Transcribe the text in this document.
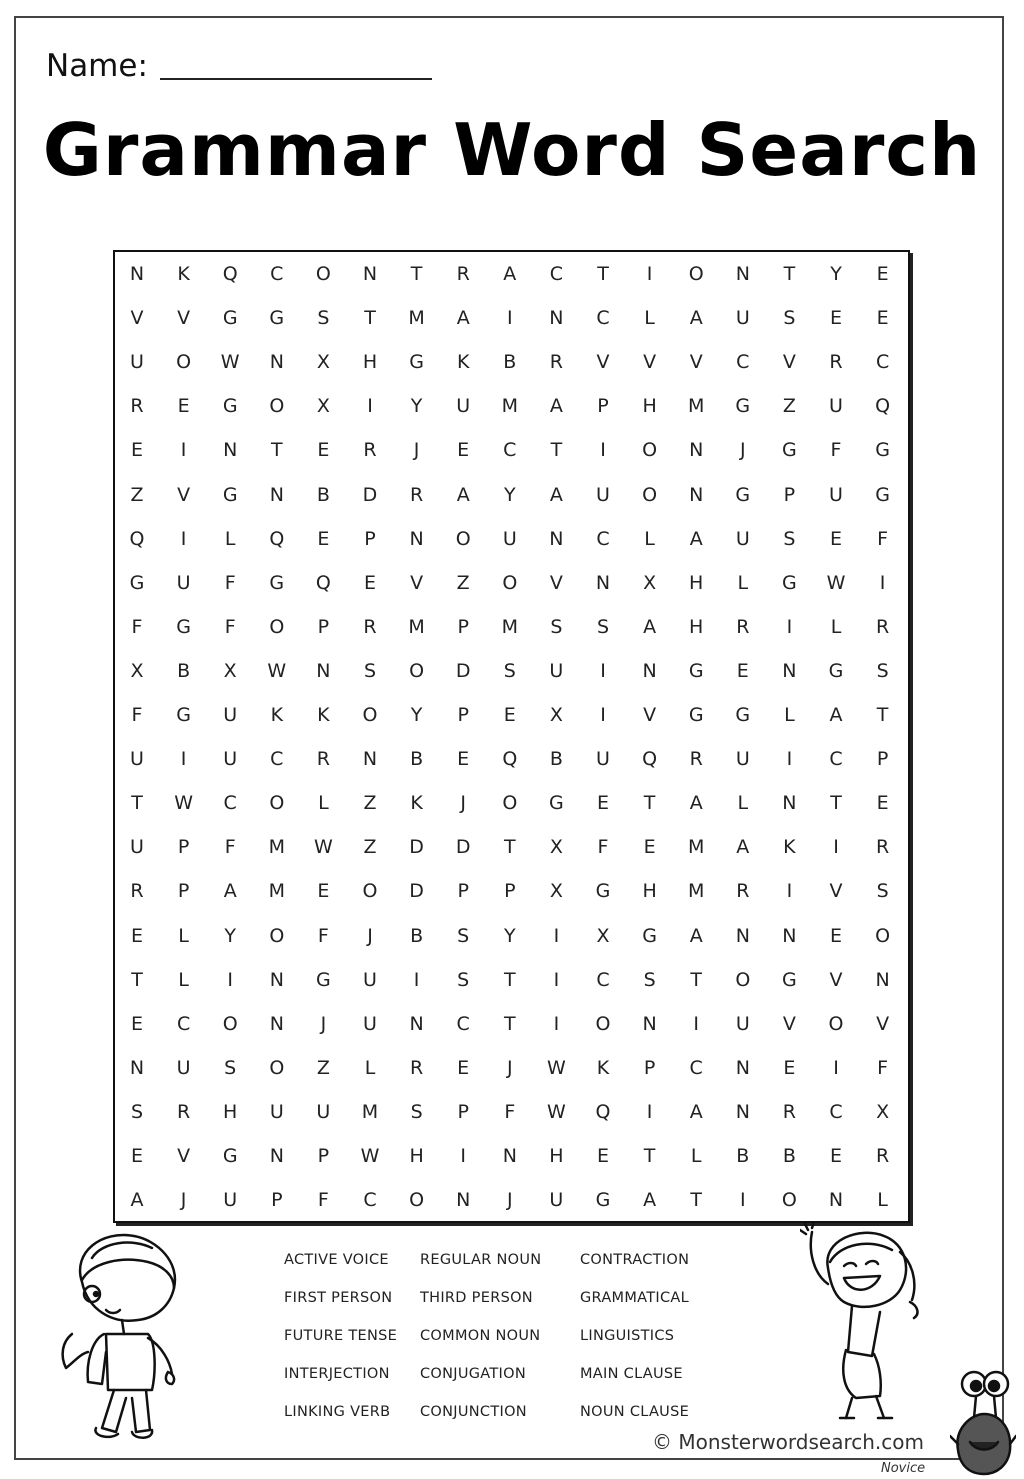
Name:
Grammar Word Search
N	K	Q	C	O	N	T	R	A	C	T	I	O	N	T	Y	E
V	V	G	G	S	T	M	A	I	N	C	L	A	U	S	E	E
U	O	W	N	X	H	G	K	B	R	V	V	V	C	V	R	C
R	E	G	O	X	I	Y	U	M	A	P	H	M	G	Z	U	Q
E	I	N	T	E	R	J	E	C	T	I	O	N	J	G	F	G
Z	V	G	N	B	D	R	A	Y	A	U	O	N	G	P	U	G
Q	I	L	Q	E	P	N	O	U	N	C	L	A	U	S	E	F
G	U	F	G	Q	E	V	Z	O	V	N	X	H	L	G	W	I
F	G	F	O	P	R	M	P	M	S	S	A	H	R	I	L	R
X	B	X	W	N	S	O	D	S	U	I	N	G	E	N	G	S
F	G	U	K	K	O	Y	P	E	X	I	V	G	G	L	A	T
U	I	U	C	R	N	B	E	Q	B	U	Q	R	U	I	C	P
T	W	C	O	L	Z	K	J	O	G	E	T	A	L	N	T	E
U	P	F	M	W	Z	D	D	T	X	F	E	M	A	K	I	R
R	P	A	M	E	O	D	P	P	X	G	H	M	R	I	V	S
E	L	Y	O	F	J	B	S	Y	I	X	G	A	N	N	E	O
T	L	I	N	G	U	I	S	T	I	C	S	T	O	G	V	N
E	C	O	N	J	U	N	C	T	I	O	N	I	U	V	O	V
N	U	S	O	Z	L	R	E	J	W	K	P	C	N	E	I	F
S	R	H	U	U	M	S	P	F	W	Q	I	A	N	R	C	X
E	V	G	N	P	W	H	I	N	H	E	T	L	B	B	E	R
A	J	U	P	F	C	O	N	J	U	G	A	T	I	O	N	L
ACTIVE VOICE REGULAR NOUN	CONTRACTION
FIRST PERSON THIRD PERSON	GRAMMATICAL
FUTURE TENSE COMMON NOUN	LINGUISTICS
INTERJECTION CONJUGATION	MAIN CLAUSE
LINKING VERB CONJUNCTION	NOUN CLAUSE
© Monsterwordsearch.com
Novice
